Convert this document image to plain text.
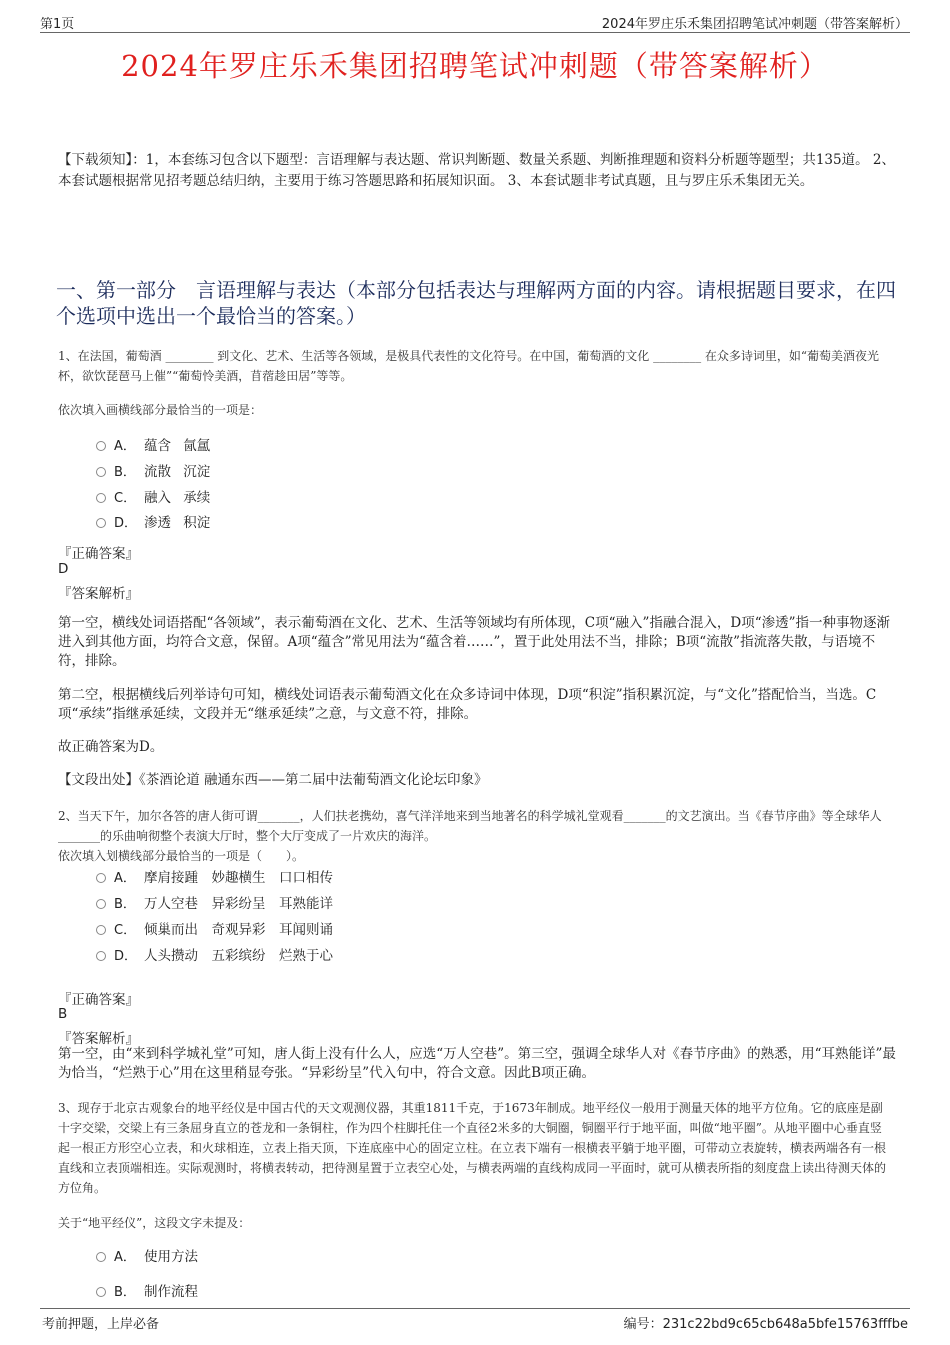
第1页	2024年罗庄乐禾集团招聘笔试冲刺题（带答案解析）
2024年罗庄乐禾集团招聘笔试冲刺题（带答案解析）
【下载须知】：1，本套练习包含以下题型：言语理解与表达题、常识判断题、数量关系题、判断推理题和资料分析题等题型；共135道。 2、本套试题根据常见招考题总结归纳，主要用于练习答题思路和拓展知识面。 3、本套试题非考试真题，且与罗庄乐禾集团无关。
一、第一部分　言语理解与表达（本部分包括表达与理解两方面的内容。请根据题目要求，在四个选项中选出一个最恰当的答案。）
1、在法国，葡萄酒 ________ 到文化、艺术、生活等各领域，是极具代表性的文化符号。在中国，葡萄酒的文化 ________ 在众多诗词里，如“葡萄美酒夜光杯，欲饮琵琶马上催”“葡萄怜美酒，苜蓿趁田居”等等。
依次填入画横线部分最恰当的一项是：
A． 蕴含 氤氲
B． 流散 沉淀
C． 融入 承续
D． 渗透 积淀
『正确答案』
D
『答案解析』
第一空，横线处词语搭配“各领域”，表示葡萄酒在文化、艺术、生活等领域均有所体现，C项“融入”指融合混入，D项“渗透”指一种事物逐渐进入到其他方面，均符合文意，保留。A项“蕴含”常见用法为“蕴含着……”，置于此处用法不当，排除；B项“流散”指流落失散，与语境不符，排除。
第二空，根据横线后列举诗句可知，横线处词语表示葡萄酒文化在众多诗词中体现，D项“积淀”指积累沉淀，与“文化”搭配恰当，当选。C项“承续”指继承延续，文段并无“继承延续”之意，与文意不符，排除。
故正确答案为D。
【文段出处】《茶酒论道 融通东西——第二届中法葡萄酒文化论坛印象》
2、当天下午，加尔各答的唐人街可谓_______，人们扶老携幼，喜气洋洋地来到当地著名的科学城礼堂观看_______的文艺演出。当《春节序曲》等全球华人_______的乐曲响彻整个表演大厅时，整个大厅变成了一片欢庆的海洋。
依次填入划横线部分最恰当的一项是（　　）。
A． 摩肩接踵　妙趣横生　口口相传
B． 万人空巷　异彩纷呈　耳熟能详
C． 倾巢而出　奇观异彩　耳闻则诵
D． 人头攒动　五彩缤纷　烂熟于心
『正确答案』
B
『答案解析』
第一空，由“来到科学城礼堂”可知，唐人街上没有什么人，应选“万人空巷”。第三空，强调全球华人对《春节序曲》的熟悉，用“耳熟能详”最为恰当，“烂熟于心”用在这里稍显夸张。“异彩纷呈”代入句中，符合文意。因此B项正确。
3、现存于北京古观象台的地平经仪是中国古代的天文观测仪器，其重1811千克，于1673年制成。地平经仪一般用于测量天体的地平方位角。它的底座是副十字交梁，交梁上有三条屈身直立的苍龙和一条铜柱，作为四个柱脚托住一个直径2米多的大铜圈，铜圈平行于地平面，叫做“地平圈”。从地平圈中心垂直竖起一根正方形空心立表，和火球相连，立表上指天顶，下连底座中心的固定立柱。在立表下端有一根横表平躺于地平圈，可带动立表旋转，横表两端各有一根直线和立表顶端相连。实际观测时，将横表转动，把待测星置于立表空心处，与横表两端的直线构成同一平面时，就可从横表所指的刻度盘上读出待测天体的方位角。
关于“地平经仪”，这段文字未提及：
A． 使用方法
B． 制作流程
考前押题，上岸必备	编号：231c22bd9c65cb648a5bfe15763fffbe
